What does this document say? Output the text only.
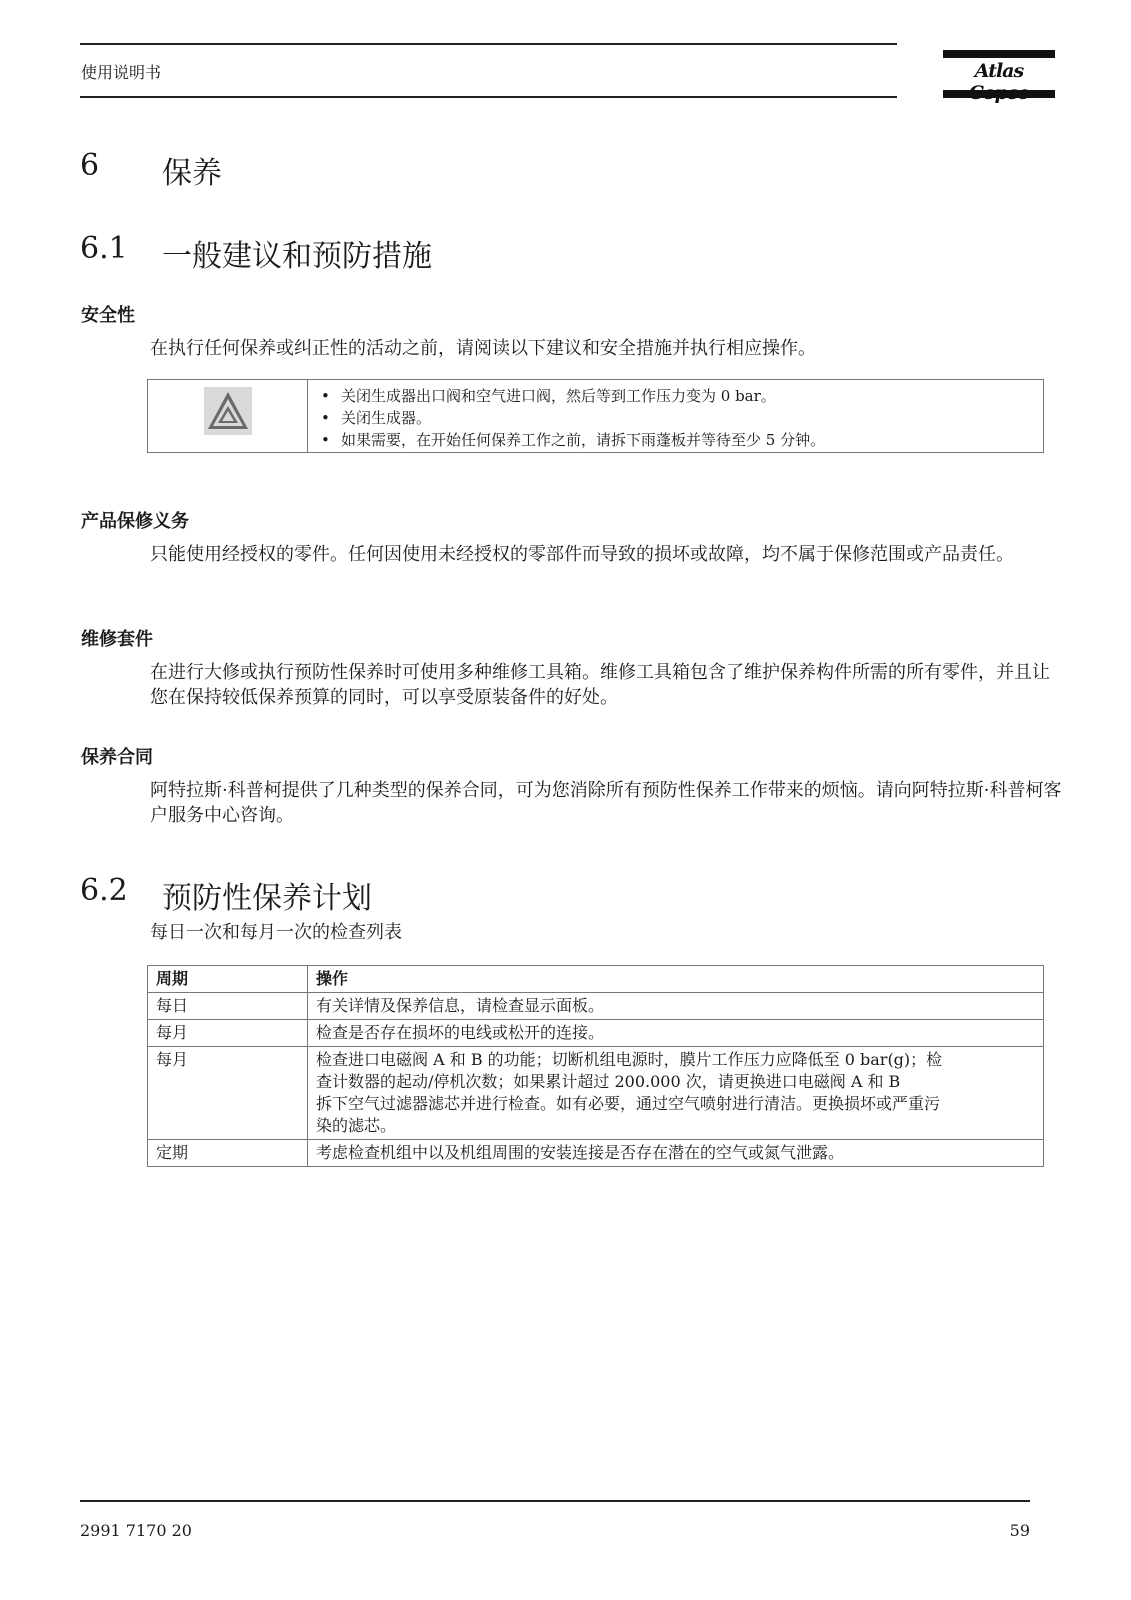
使用说明书	Atlas
6 保养
6.1 一般建议和预防措施
安全性
在执行任何保养或纠正性的活动之前，请阅读以下建议和安全措施并执行相应操作。

• 关闭生成器出口阀和空气进口阀，然后等到工作压力变为 0 bar。
• 关闭生成器。
• 如果需要，在开始任何保养工作之前，请拆下雨蓬板并等待至少 5 分钟。
产品保修义务
只能使用经授权的零件。任何因使用未经授权的零部件而导致的损坏或故障，均不属于保修范围或产品责任。
维修套件
在进行大修或执行预防性保养时可使用多种维修工具箱。维修工具箱包含了维护保养构件所需的所有零件，并且让您在保持较低保养预算的同时，可以享受原装备件的好处。
保养合同
阿特拉斯·科普柯提供了几种类型的保养合同，可为您消除所有预防性保养工作带来的烦恼。请向阿特拉斯·科普柯客户服务中心咨询。
6.2 预防性保养计划
每日一次和每月一次的检查列表
周期	操作
每日	有关详情及保养信息，请检查显示面板。

每月	检查是否存在损坏的电线或松开的连接。

每月	检查进口电磁阀 A 和 B 的功能；切断机组电源时，膜片工作压力应降低至 0 bar(g)；检
查计数器的起动/停机次数；如果累计超过 200.000 次，请更换进口电磁阀 A 和 B
拆下空气过滤器滤芯并进行检查。如有必要，通过空气喷射进行清洁。更换损坏或严重污
染的滤芯。

定期	考虑检查机组中以及机组周围的安装连接是否存在潜在的空气或氮气泄露。
2991 7170 20	59
